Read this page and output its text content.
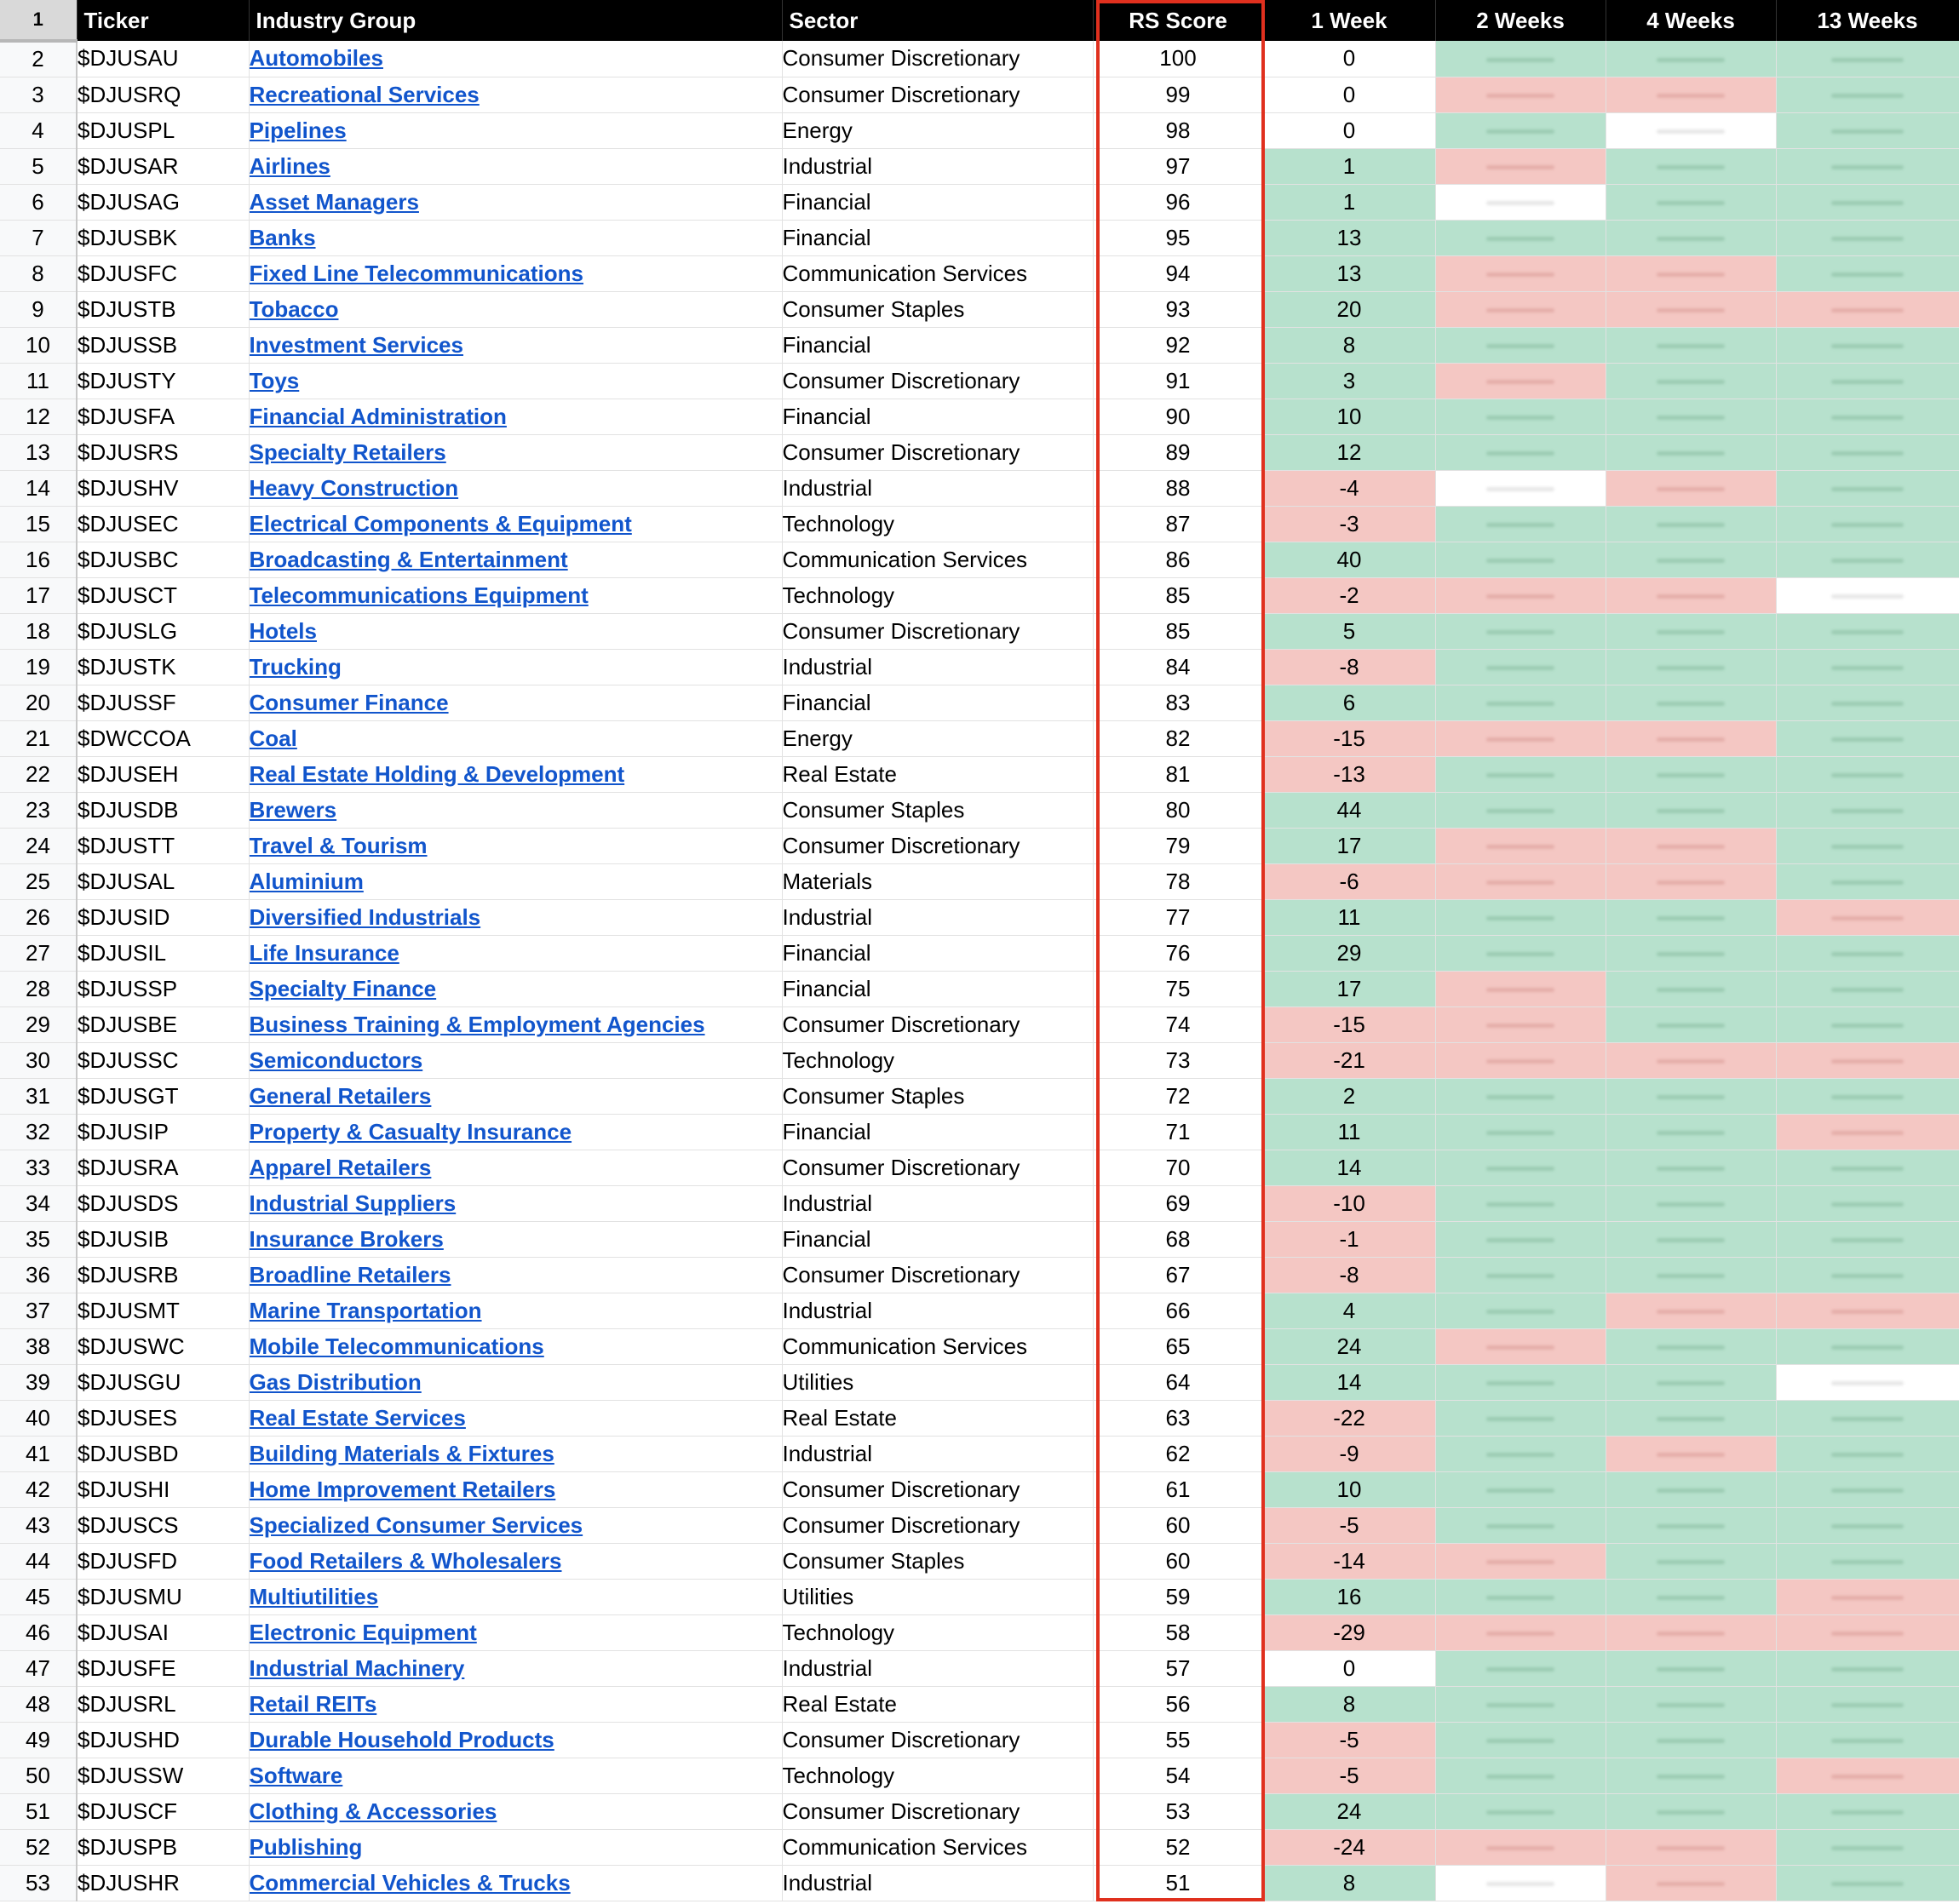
1	Ticker	Industry Group	Sector	RS Score	1 Week	2 Weeks	4 Weeks	13 Weeks
2	$DJUSAU	Automobiles	Consumer Discretionary	100	0	

3	$DJUSRQ	Recreational Services	Consumer Discretionary	99	0	

4	$DJUSPL	Pipelines	Energy	98	0	

5	$DJUSAR	Airlines	Industrial	97	1	

6	$DJUSAG	Asset Managers	Financial	96	1	

7	$DJUSBK	Banks	Financial	95	13	

8	$DJUSFC	Fixed Line Telecommunications	Communication Services	94	13	

9	$DJUSTB	Tobacco	Consumer Staples	93	20	

10	$DJUSSB	Investment Services	Financial	92	8	

11	$DJUSTY	Toys	Consumer Discretionary	91	3	

12	$DJUSFA	Financial Administration	Financial	90	10	

13	$DJUSRS	Specialty Retailers	Consumer Discretionary	89	12	

14	$DJUSHV	Heavy Construction	Industrial	88	-4	

15	$DJUSEC	Electrical Components & Equipment	Technology	87	-3	

16	$DJUSBC	Broadcasting & Entertainment	Communication Services	86	40	

17	$DJUSCT	Telecommunications Equipment	Technology	85	-2	

18	$DJUSLG	Hotels	Consumer Discretionary	85	5	

19	$DJUSTK	Trucking	Industrial	84	-8	

20	$DJUSSF	Consumer Finance	Financial	83	6	

21	$DWCCOA	Coal	Energy	82	-15	

22	$DJUSEH	Real Estate Holding & Development	Real Estate	81	-13	

23	$DJUSDB	Brewers	Consumer Staples	80	44	

24	$DJUSTT	Travel & Tourism	Consumer Discretionary	79	17	

25	$DJUSAL	Aluminium	Materials	78	-6	

26	$DJUSID	Diversified Industrials	Industrial	77	11	

27	$DJUSIL	Life Insurance	Financial	76	29	

28	$DJUSSP	Specialty Finance	Financial	75	17	

29	$DJUSBE	Business Training & Employment Agencies	Consumer Discretionary	74	-15	

30	$DJUSSC	Semiconductors	Technology	73	-21	

31	$DJUSGT	General Retailers	Consumer Staples	72	2	

32	$DJUSIP	Property & Casualty Insurance	Financial	71	11	

33	$DJUSRA	Apparel Retailers	Consumer Discretionary	70	14	

34	$DJUSDS	Industrial Suppliers	Industrial	69	-10	

35	$DJUSIB	Insurance Brokers	Financial	68	-1	

36	$DJUSRB	Broadline Retailers	Consumer Discretionary	67	-8	

37	$DJUSMT	Marine Transportation	Industrial	66	4	

38	$DJUSWC	Mobile Telecommunications	Communication Services	65	24	

39	$DJUSGU	Gas Distribution	Utilities	64	14	

40	$DJUSES	Real Estate Services	Real Estate	63	-22	

41	$DJUSBD	Building Materials & Fixtures	Industrial	62	-9	

42	$DJUSHI	Home Improvement Retailers	Consumer Discretionary	61	10	

43	$DJUSCS	Specialized Consumer Services	Consumer Discretionary	60	-5	

44	$DJUSFD	Food Retailers & Wholesalers	Consumer Staples	60	-14	

45	$DJUSMU	Multiutilities	Utilities	59	16	

46	$DJUSAI	Electronic Equipment	Technology	58	-29	

47	$DJUSFE	Industrial Machinery	Industrial	57	0	

48	$DJUSRL	Retail REITs	Real Estate	56	8	

49	$DJUSHD	Durable Household Products	Consumer Discretionary	55	-5	

50	$DJUSSW	Software	Technology	54	-5	

51	$DJUSCF	Clothing & Accessories	Consumer Discretionary	53	24	

52	$DJUSPB	Publishing	Communication Services	52	-24	

53	$DJUSHR	Commercial Vehicles & Trucks	Industrial	51	8	
